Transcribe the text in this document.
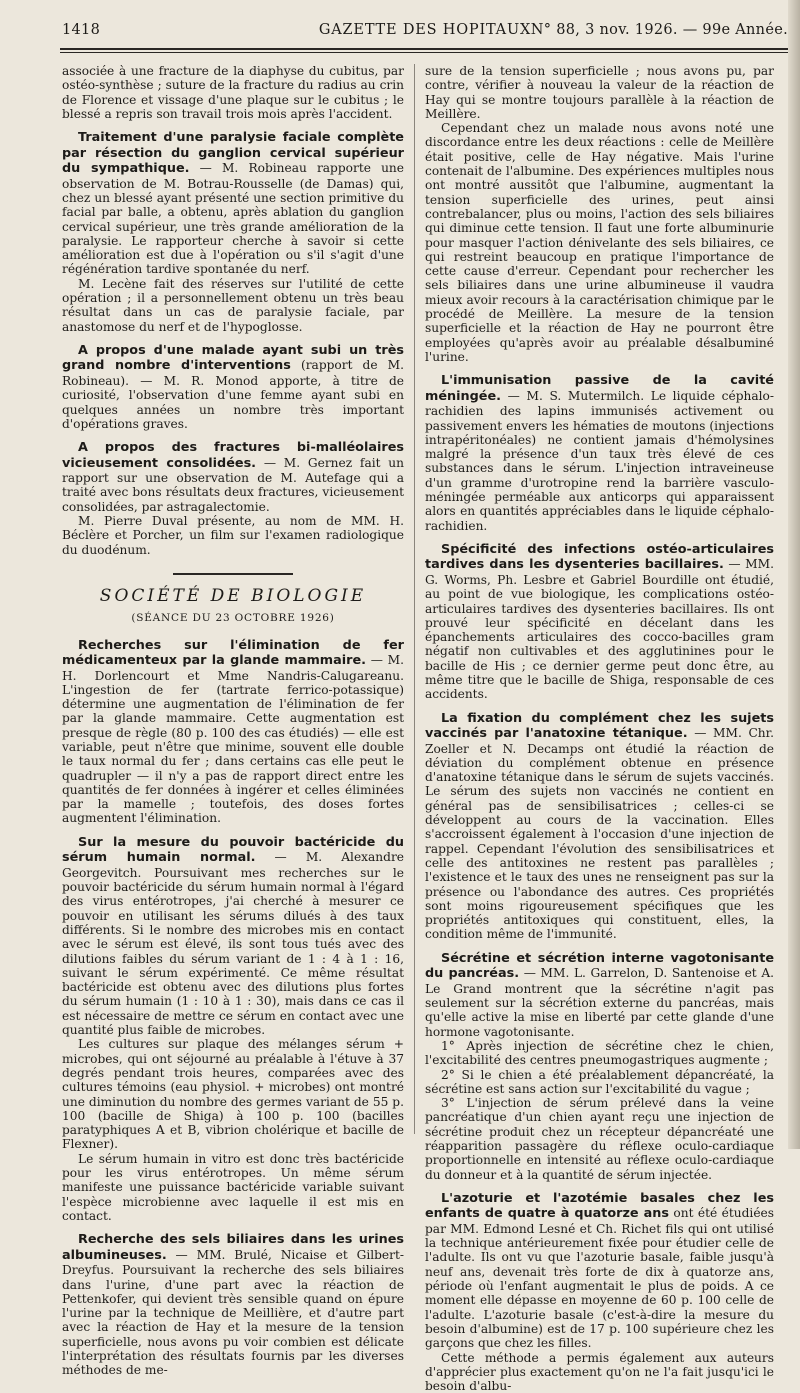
1418	GAZETTE DES HOPITAUX N° 88, 3 nov. 1926. — 99e Année.

associée à une fracture de la diaphyse du cubitus, par ostéo-synthèse ; suture de la fracture du radius au crin de Florence et vissage d'une plaque sur le cubitus ; le blessé a repris son travail trois mois après l'accident.

Traitement d'une paralysie faciale complète par résection du ganglion cervical supérieur du sympathique. — M. Robineau rapporte une observation de M. Botrau-Rousselle (de Damas) qui, chez un blessé ayant présenté une section primitive du facial par balle, a obtenu, après ablation du ganglion cervical supérieur, une très grande amélioration de la paralysie. Le rapporteur cherche à savoir si cette amélioration est due à l'opération ou s'il s'agit d'une régénération tardive spontanée du nerf.

M. Lecène fait des réserves sur l'utilité de cette opération ; il a personnellement obtenu un très beau résultat dans un cas de paralysie faciale, par anastomose du nerf et de l'hypoglosse.

A propos d'une malade ayant subi un très grand nombre d'interventions (rapport de M. Robineau). — M. R. Monod apporte, à titre de curiosité, l'observation d'une femme ayant subi en quelques années un nombre très important d'opérations graves.

A propos des fractures bi-malléolaires vicieusement consolidées. — M. Gernez fait un rapport sur une observation de M. Autefage qui a traité avec bons résultats deux fractures, vicieusement consolidées, par astragalectomie.

M. Pierre Duval présente, au nom de MM. H. Béclère et Porcher, un film sur l'examen radiologique du duodénum.

SOCIÉTÉ DE BIOLOGIE
(SÉANCE DU 23 OCTOBRE 1926)

Recherches sur l'élimination de fer médicamenteux par la glande mammaire. — M. H. Dorlencourt et Mme Nandris-Calugareanu. L'ingestion de fer (tartrate ferrico-potassique) détermine une augmentation de l'élimination de fer par la glande mammaire. Cette augmentation est presque de règle (80 p. 100 des cas étudiés) — elle est variable, peut n'être que minime, souvent elle double le taux normal du fer ; dans certains cas elle peut le quadrupler — il n'y a pas de rapport direct entre les quantités de fer données à ingérer et celles éliminées par la mamelle ; toutefois, des doses fortes augmentent l'élimination.

Sur la mesure du pouvoir bactéricide du sérum humain normal. — M. Alexandre Georgevitch. Poursuivant mes recherches sur le pouvoir bactéricide du sérum humain normal à l'égard des virus entérotropes, j'ai cherché à mesurer ce pouvoir en utilisant les sérums dilués à des taux différents. Si le nombre des microbes mis en contact avec le sérum est élevé, ils sont tous tués avec des dilutions faibles du sérum variant de 1 : 4 à 1 : 16, suivant le sérum expérimenté. Ce même résultat bactéricide est obtenu avec des dilutions plus fortes du sérum humain (1 : 10 à 1 : 30), mais dans ce cas il est nécessaire de mettre ce sérum en contact avec une quantité plus faible de microbes.

Les cultures sur plaque des mélanges sérum + microbes, qui ont séjourné au préalable à l'étuve à 37 degrés pendant trois heures, comparées avec des cultures témoins (eau physiol. + microbes) ont montré une diminution du nombre des germes variant de 55 p. 100 (bacille de Shiga) à 100 p. 100 (bacilles paratyphiques A et B, vibrion cholérique et bacille de Flexner).

Le sérum humain in vitro est donc très bactéricide pour les virus entérotropes. Un même sérum manifeste une puissance bactéricide variable suivant l'espèce microbienne avec laquelle il est mis en contact.

Recherche des sels biliaires dans les urines albumineuses. — MM. Brulé, Nicaise et Gilbert-Dreyfus. Poursuivant la recherche des sels biliaires dans l'urine, d'une part avec la réaction de Pettenkofer, qui devient très sensible quand on épure l'urine par la technique de Meillière, et d'autre part avec la réaction de Hay et la mesure de la tension superficielle, nous avons pu voir combien est délicate l'interprétation des résultats fournis par les diverses méthodes de me-

sure de la tension superficielle ; nous avons pu, par contre, vérifier à nouveau la valeur de la réaction de Hay qui se montre toujours parallèle à la réaction de Meillère.

Cependant chez un malade nous avons noté une discordance entre les deux réactions : celle de Meillère était positive, celle de Hay négative. Mais l'urine contenait de l'albumine. Des expériences multiples nous ont montré aussitôt que l'albumine, augmentant la tension superficielle des urines, peut ainsi contrebalancer, plus ou moins, l'action des sels biliaires qui diminue cette tension. Il faut une forte albuminurie pour masquer l'action dénivelante des sels biliaires, ce qui restreint beaucoup en pratique l'importance de cette cause d'erreur. Cependant pour rechercher les sels biliaires dans une urine albumineuse il vaudra mieux avoir recours à la caractérisation chimique par le procédé de Meillère. La mesure de la tension superficielle et la réaction de Hay ne pourront être employées qu'après avoir au préalable désalbuminé l'urine.

L'immunisation passive de la cavité méningée. — M. S. Mutermilch. Le liquide céphalo-rachidien des lapins immunisés activement ou passivement envers les hématies de moutons (injections intrapéritonéales) ne contient jamais d'hémolysines malgré la présence d'un taux très élevé de ces substances dans le sérum. L'injection intraveineuse d'un gramme d'urotropine rend la barrière vasculo-méningée perméable aux anticorps qui apparaissent alors en quantités appréciables dans le liquide céphalo-rachidien.

Spécificité des infections ostéo-articulaires tardives dans les dysenteries bacillaires. — MM. G. Worms, Ph. Lesbre et Gabriel Bourdille ont étudié, au point de vue biologique, les complications ostéo-articulaires tardives des dysenteries bacillaires. Ils ont prouvé leur spécificité en décelant dans les épanchements articulaires des cocco-bacilles gram négatif non cultivables et des agglutinines pour le bacille de His ; ce dernier germe peut donc être, au même titre que le bacille de Shiga, responsable de ces accidents.

La fixation du complément chez les sujets vaccinés par l'anatoxine tétanique. — MM. Chr. Zoeller et N. Decamps ont étudié la réaction de déviation du complément obtenue en présence d'anatoxine tétanique dans le sérum de sujets vaccinés. Le sérum des sujets non vaccinés ne contient en général pas de sensibilisatrices ; celles-ci se développent au cours de la vaccination. Elles s'accroissent également à l'occasion d'une injection de rappel. Cependant l'évolution des sensibilisatrices et celle des antitoxines ne restent pas parallèles ; l'existence et le taux des unes ne renseignent pas sur la présence ou l'abondance des autres. Ces propriétés sont moins rigoureusement spécifiques que les propriétés antitoxiques qui constituent, elles, la condition même de l'immunité.

Sécrétine et sécrétion interne vagotonisante du pancréas. — MM. L. Garrelon, D. Santenoise et A. Le Grand montrent que la sécrétine n'agit pas seulement sur la sécrétion externe du pancréas, mais qu'elle active la mise en liberté par cette glande d'une hormone vagotonisante.

1° Après injection de sécrétine chez le chien, l'excitabilité des centres pneumogastriques augmente ;

2° Si le chien a été préalablement dépancréaté, la sécrétine est sans action sur l'excitabilité du vague ;

3° L'injection de sérum prélevé dans la veine pancréatique d'un chien ayant reçu une injection de sécrétine produit chez un récepteur dépancréaté une réapparition passagère du réflexe oculo-cardiaque proportionnelle en intensité au réflexe oculo-cardiaque du donneur et à la quantité de sérum injectée.

L'azoturie et l'azotémie basales chez les enfants de quatre à quatorze ans ont été étudiées par MM. Edmond Lesné et Ch. Richet fils qui ont utilisé la technique antérieurement fixée pour étudier celle de l'adulte. Ils ont vu que l'azoturie basale, faible jusqu'à neuf ans, devenait très forte de dix à quatorze ans, période où l'enfant augmentait le plus de poids. A ce moment elle dépasse en moyenne de 60 p. 100 celle de l'adulte. L'azoturie basale (c'est-à-dire la mesure du besoin d'albumine) est de 17 p. 100 supérieure chez les garçons que chez les filles.

Cette méthode a permis également aux auteurs d'apprécier plus exactement qu'on ne l'a fait jusqu'ici le besoin d'albu-
